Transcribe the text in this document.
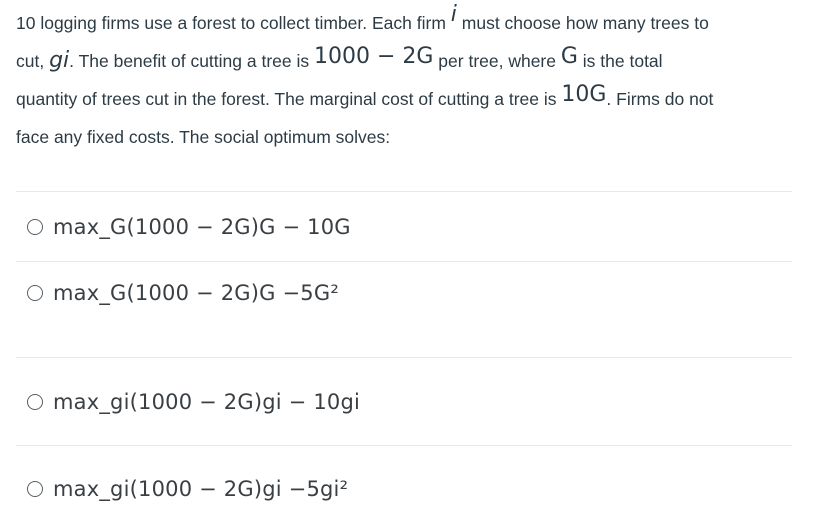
10 logging firms use a forest to collect timber. Each firm i must choose how many trees to
cut, gi. The benefit of cutting a tree is 1000 − 2G per tree, where G is the total
quantity of trees cut in the forest. The marginal cost of cutting a tree is 10G. Firms do not
face any fixed costs. The social optimum solves:
max_G(1000 − 2G)G − 10G
max_G(1000 − 2G)G −5G²
max_gi(1000 − 2G)gi − 10gi
max_gi(1000 − 2G)gi −5gi²
